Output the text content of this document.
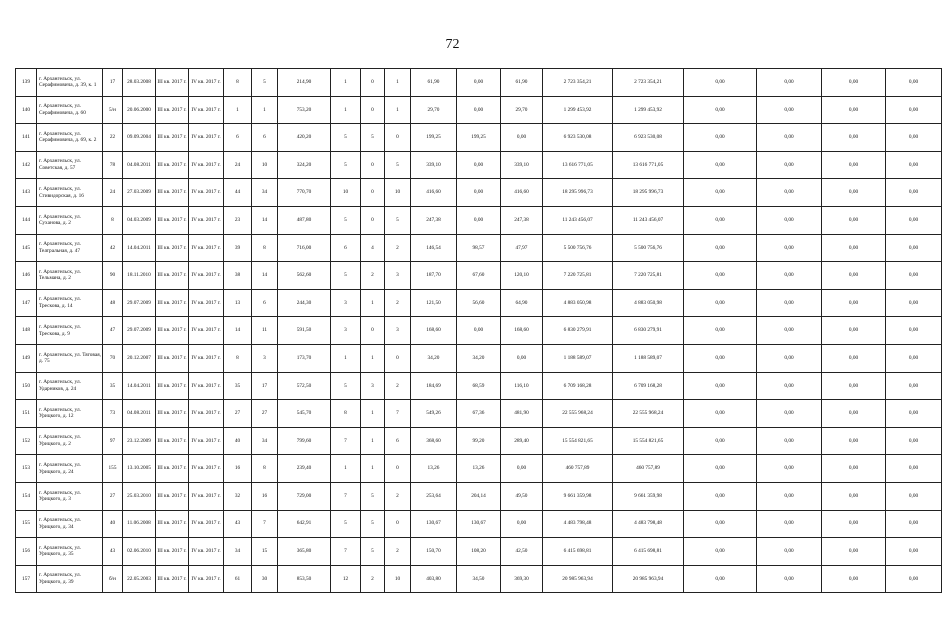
72
139	г. Архангельск, ул. Серафимовича, д. 39, к. 1	17	28.03.2008	III кв. 2017 г.	IV кв. 2017 г.	8	5	214,90	1	0	1	61,90	0,00	61,90	2 723 354,21	2 723 354,21	0,00	0,00	0,00	0,00
140	г. Архангельск, ул. Серафимовича, д. 60	5/н	20.06.2000	III кв. 2017 г.	IV кв. 2017 г.	1	1	753,20	1	0	1	29,70	0,00	29,70	1 299 453,92	1 299 453,92	0,00	0,00	0,00	0,00
141	г. Архангельск, ул. Серафимовича, д. 69, к. 2	22	09.09.2004	III кв. 2017 г.	IV кв. 2017 г.	6	6	420,20	5	5	0	199,25	199,25	0,00	6 923 530,08	6 923 530,08	0,00	0,00	0,00	0,00
142	г. Архангельск, ул. Советская, д. 57	78	04.08.2011	III кв. 2017 г.	IV кв. 2017 г.	24	10	324,20	5	0	5	339,10	0,00	339,10	13 616 771,05	13 616 771,05	0,00	0,00	0,00	0,00
143	г. Архангельск, ул. Стивидорская, д. 16	24	27.03.2009	III кв. 2017 г.	IV кв. 2017 г.	44	34	770,70	10	0	10	416,60	0,00	416,60	18 295 996,73	18 295 996,73	0,00	0,00	0,00	0,00
144	г. Архангельск, ул. Суханова, д. 2	8	04.03.2009	III кв. 2017 г.	IV кв. 2017 г.	23	14	487,80	5	0	5	247,38	0,00	247,38	11 243 456,07	11 243 456,07	0,00	0,00	0,00	0,00
145	г. Архангельск, ул. Театральная, д. 47	42	14.04.2011	III кв. 2017 г.	IV кв. 2017 г.	39	8	716,00	6	4	2	146,54	98,57	47,97	5 500 756,76	5 500 756,76	0,00	0,00	0,00	0,00
146	г. Архангельск, ул. Тельмана, д. 2	90	18.11.2010	III кв. 2017 г.	IV кв. 2017 г.	38	14	562,60	5	2	3	187,70	67,60	120,10	7 220 725,81	7 220 725,81	0,00	0,00	0,00	0,00
147	г. Архангельск, ул. Трескова, д. 14	48	29.07.2009	III кв. 2017 г.	IV кв. 2017 г.	13	6	244,30	3	1	2	121,50	56,60	64,90	4 883 050,98	4 883 050,98	0,00	0,00	0,00	0,00
148	г. Архангельск, ул. Трескова, д. 9	47	29.07.2009	III кв. 2017 г.	IV кв. 2017 г.	14	11	591,50	3	0	3	168,60	0,00	168,60	6 830 279,91	6 830 279,91	0,00	0,00	0,00	0,00
149	г. Архангельск, ул. Тяговая, д. 75	70	20.12.2007	III кв. 2017 г.	IV кв. 2017 г.	8	3	173,70	1	1	0	34,20	34,20	0,00	1 188 589,07	1 188 589,07	0,00	0,00	0,00	0,00
150	г. Архангельск, ул. Ударников, д. 24	35	14.04.2011	III кв. 2017 г.	IV кв. 2017 г.	35	17	572,50	5	3	2	184,69	68,59	116,10	6 709 168,28	6 709 168,28	0,00	0,00	0,00	0,00
151	г. Архангельск, ул. Урицкого, д. 12	73	04.08.2011	III кв. 2017 г.	IV кв. 2017 г.	27	27	545,70	8	1	7	549,26	67,36	481,90	22 555 968,24	22 555 968,24	0,00	0,00	0,00	0,00
152	г. Архангельск, ул. Урицкого, д. 2	97	23.12.2009	III кв. 2017 г.	IV кв. 2017 г.	40	34	799,60	7	1	6	368,60	99,20	289,40	15 554 821,65	15 554 821,65	0,00	0,00	0,00	0,00
153	г. Архангельск, ул. Урицкого, д. 24	155	13.10.2005	III кв. 2017 г.	IV кв. 2017 г.	16	8	239,40	1	1	0	13,26	13,26	0,00	460 757,89	460 757,89	0,00	0,00	0,00	0,00
154	г. Архангельск, ул. Урицкого, д. 3	27	25.03.2010	III кв. 2017 г.	IV кв. 2017 г.	32	16	729,00	7	5	2	253,64	204,14	49,50	9 661 359,98	9 661 359,98	0,00	0,00	0,00	0,00
155	г. Архангельск, ул. Урицкого, д. 34	40	11.06.2008	III кв. 2017 г.	IV кв. 2017 г.	43	7	642,91	5	5	0	130,67	130,67	0,00	4 483 798,48	4 483 798,48	0,00	0,00	0,00	0,00
156	г. Архангельск, ул. Урицкого, д. 35	43	02.06.2010	III кв. 2017 г.	IV кв. 2017 г.	34	15	365,80	7	5	2	150,70	108,20	42,50	6 415 698,81	6 415 698,81	0,00	0,00	0,00	0,00
157	г. Архангельск, ул. Урицкого, д. 39	б/н	22.05.2003	III кв. 2017 г.	IV кв. 2017 г.	61	30	853,50	12	2	10	403,80	34,50	369,30	20 985 963,94	20 985 963,94	0,00	0,00	0,00	0,00
